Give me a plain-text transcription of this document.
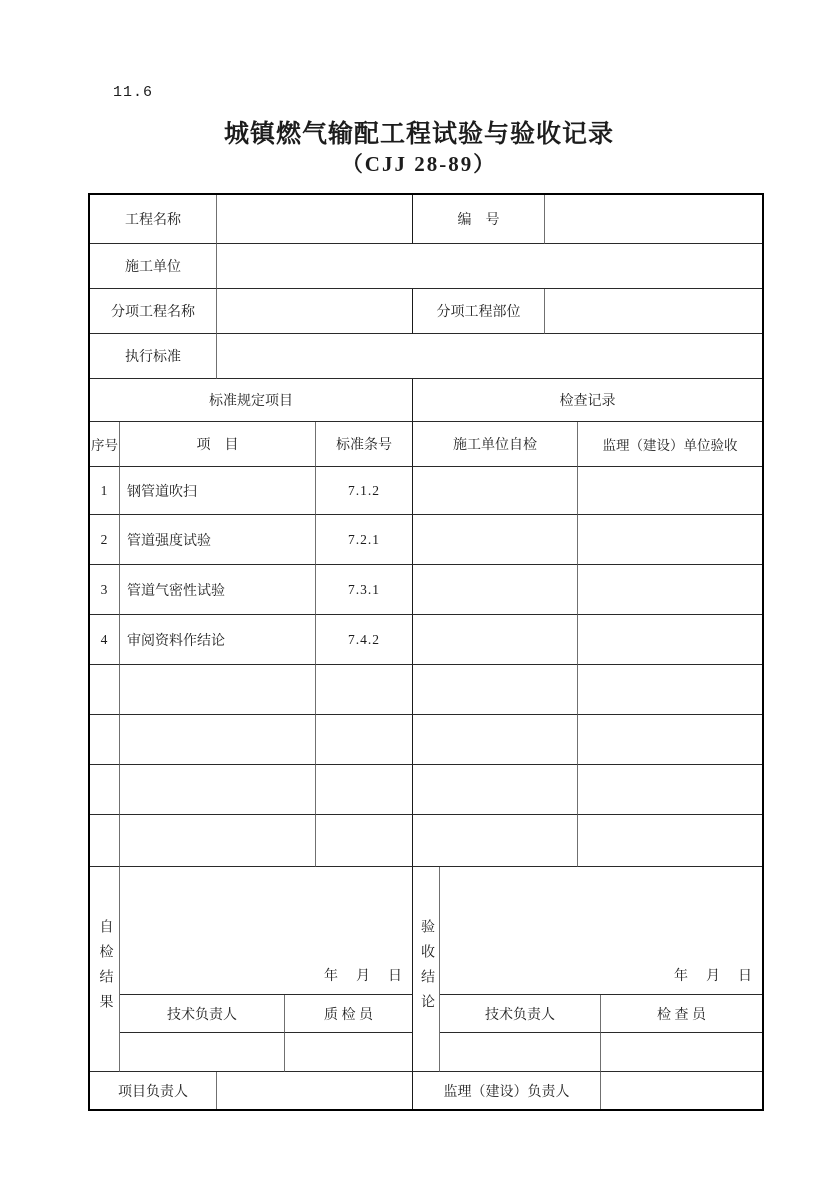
11.6
城镇燃气输配工程试验与验收记录
（CJJ 28-89）
工程名称	编　号
施工单位
分项工程名称	分项工程部位
执行标准
标准规定项目	检查记录
序号	项　目	标准条号	施工单位自检	监理（建设）单位验收
1	钢管道吹扫	7.1.2
2	管道强度试验	7.2.1
3	管道气密性试验	7.3.1
4	审阅资料作结论	7.4.2
自检结果	年　月　日	验收结论	年　月　日
技术负责人	质 检 员	技术负责人	检 查 员
项目负责人	监理（建设）负责人
